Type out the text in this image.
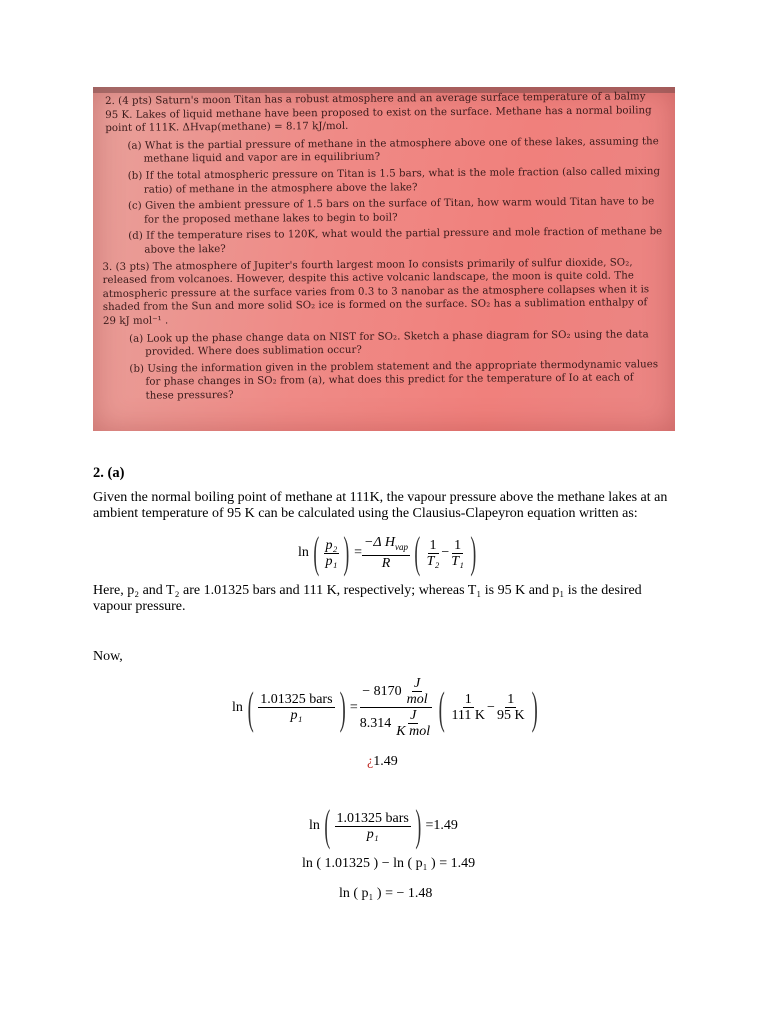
2. (4 pts) Saturn's moon Titan has a robust atmosphere and an average surface temperature of a balmy 95 K. Lakes of liquid methane have been proposed to exist on the surface. Methane has a normal boiling point of 111K. ΔHvap(methane) = 8.17 kJ/mol.

(a) What is the partial pressure of methane in the atmosphere above one of these lakes, assuming the methane liquid and vapor are in equilibrium?

(b) If the total atmospheric pressure on Titan is 1.5 bars, what is the mole fraction (also called mixing ratio) of methane in the atmosphere above the lake?

(c) Given the ambient pressure of 1.5 bars on the surface of Titan, how warm would Titan have to be for the proposed methane lakes to begin to boil?

(d) If the temperature rises to 120K, what would the partial pressure and mole fraction of methane be above the lake?

3. (3 pts) The atmosphere of Jupiter's fourth largest moon Io consists primarily of sulfur dioxide, SO₂, released from volcanoes. However, despite this active volcanic landscape, the moon is quite cold. The atmospheric pressure at the surface varies from 0.3 to 3 nanobar as the atmosphere collapses when it is shaded from the Sun and more solid SO₂ ice is formed on the surface. SO₂ has a sublimation enthalpy of 29 kJ mol⁻¹ .

(a) Look up the phase change data on NIST for SO₂. Sketch a phase diagram for SO₂ using the data provided. Where does sublimation occur?

(b) Using the information given in the problem statement and the appropriate thermodynamic values for phase changes in SO₂ from (a), what does this predict for the temperature of Io at each of these pressures?

2. (a)
Given the normal boiling point of methane at 111K, the vapour pressure above the methane lakes at an ambient temperature of 95 K can be calculated using the Clausius-Clapeyron equation written as:
ln ( $\frac{\text{p₂}}{\text{p₁}}$ ) = $\frac{-\Delta H_{vap}}{R}$ ( $\frac{1}{\text{T₂}} - \frac{1}{\text{T₁}}$ )
Here, p₂ and T₂ are 1.01325 bars and 111 K, respectively; whereas T₁ is 95 K and p₁ is the desired vapour pressure.
Now,
ln ( $\frac{\text{1.01325 bars}}{\text{p₁}}$ ) = $\frac{- 8170 \frac{J}{\text{mol}}}{8.314 \frac{J}{\text{K mol}}}$ ( $\frac{1}{111 K} - \frac{1}{95 K}$ )
¿1.49
ln ( $\frac{\text{1.01325 bars}}{\text{p₁}}$ ) =1.49
ln ( 1.01325 ) − ln ( p₁ ) = 1.49
ln ( p₁ ) = − 1.48
